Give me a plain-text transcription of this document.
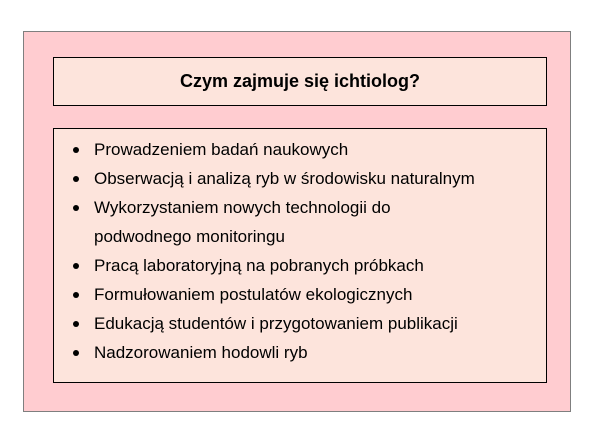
Czym zajmuje się ichtiolog?
Prowadzeniem badań naukowych
Obserwacją i analizą ryb w środowisku naturalnym
Wykorzystaniem nowych technologii do
podwodnego monitoringu
Pracą laboratoryjną na pobranych próbkach
Formułowaniem postulatów ekologicznych
Edukacją studentów i przygotowaniem publikacji
Nadzorowaniem hodowli ryb
